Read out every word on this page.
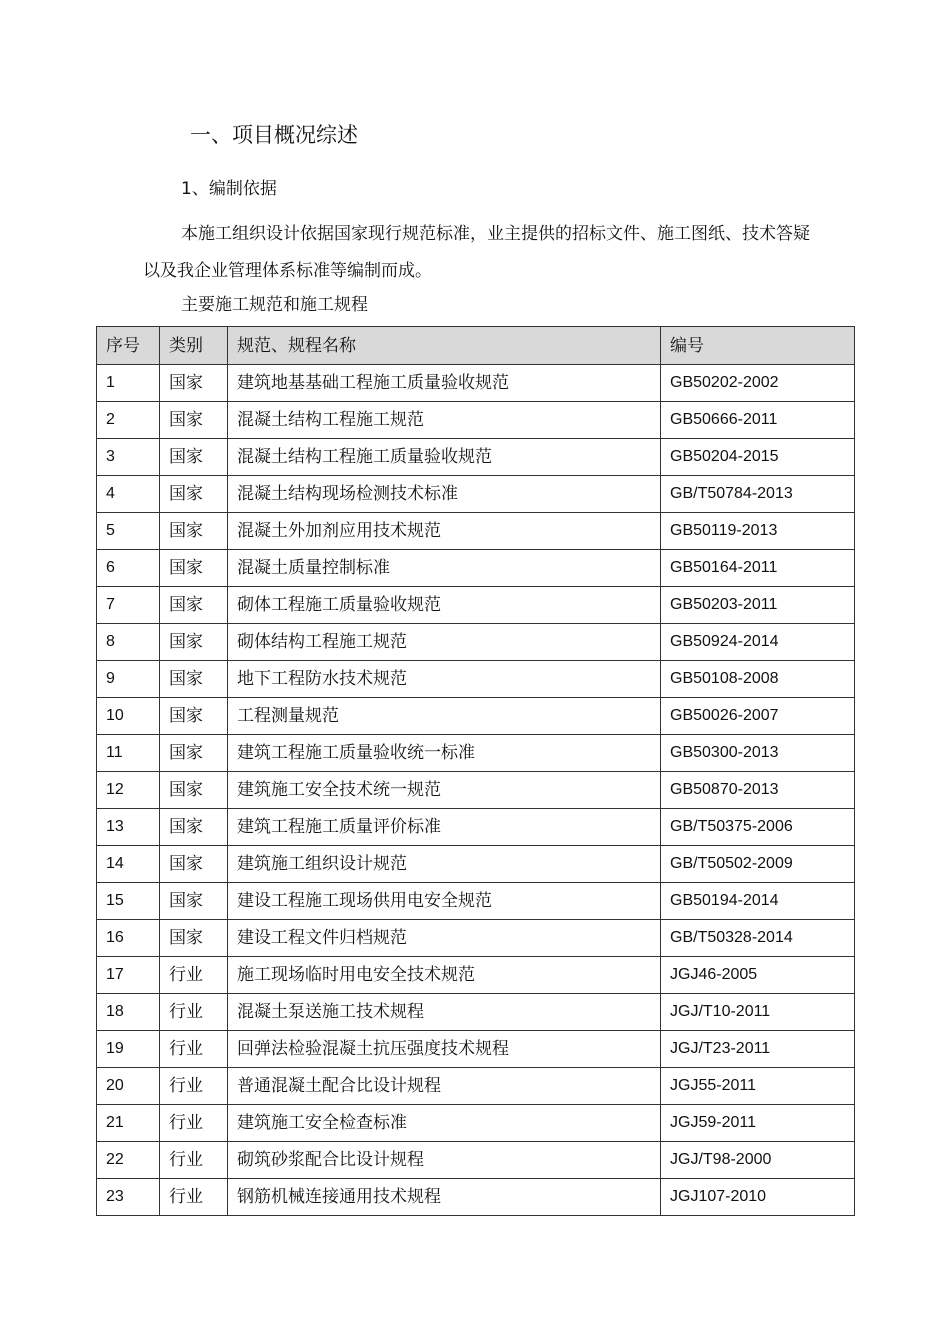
一、项目概况综述
1、编制依据

本施工组织设计依据国家现行规范标准，业主提供的招标文件、施工图纸、技术答疑以及我企业管理体系标准等编制而成。

主要施工规范和施工规程
序号	类别	规范、规程名称	编号
1	国家	建筑地基基础工程施工质量验收规范	GB50202-2002
2	国家	混凝土结构工程施工规范	GB50666-2011
3	国家	混凝土结构工程施工质量验收规范	GB50204-2015
4	国家	混凝土结构现场检测技术标准	GB/T50784-2013
5	国家	混凝土外加剂应用技术规范	GB50119-2013
6	国家	混凝土质量控制标准	GB50164-2011
7	国家	砌体工程施工质量验收规范	GB50203-2011
8	国家	砌体结构工程施工规范	GB50924-2014
9	国家	地下工程防水技术规范	GB50108-2008
10	国家	工程测量规范	GB50026-2007
11	国家	建筑工程施工质量验收统一标准	GB50300-2013
12	国家	建筑施工安全技术统一规范	GB50870-2013
13	国家	建筑工程施工质量评价标准	GB/T50375-2006
14	国家	建筑施工组织设计规范	GB/T50502-2009
15	国家	建设工程施工现场供用电安全规范	GB50194-2014
16	国家	建设工程文件归档规范	GB/T50328-2014
17	行业	施工现场临时用电安全技术规范	JGJ46-2005
18	行业	混凝土泵送施工技术规程	JGJ/T10-2011
19	行业	回弹法检验混凝土抗压强度技术规程	JGJ/T23-2011
20	行业	普通混凝土配合比设计规程	JGJ55-2011
21	行业	建筑施工安全检查标准	JGJ59-2011
22	行业	砌筑砂浆配合比设计规程	JGJ/T98-2000
23	行业	钢筋机械连接通用技术规程	JGJ107-2010
